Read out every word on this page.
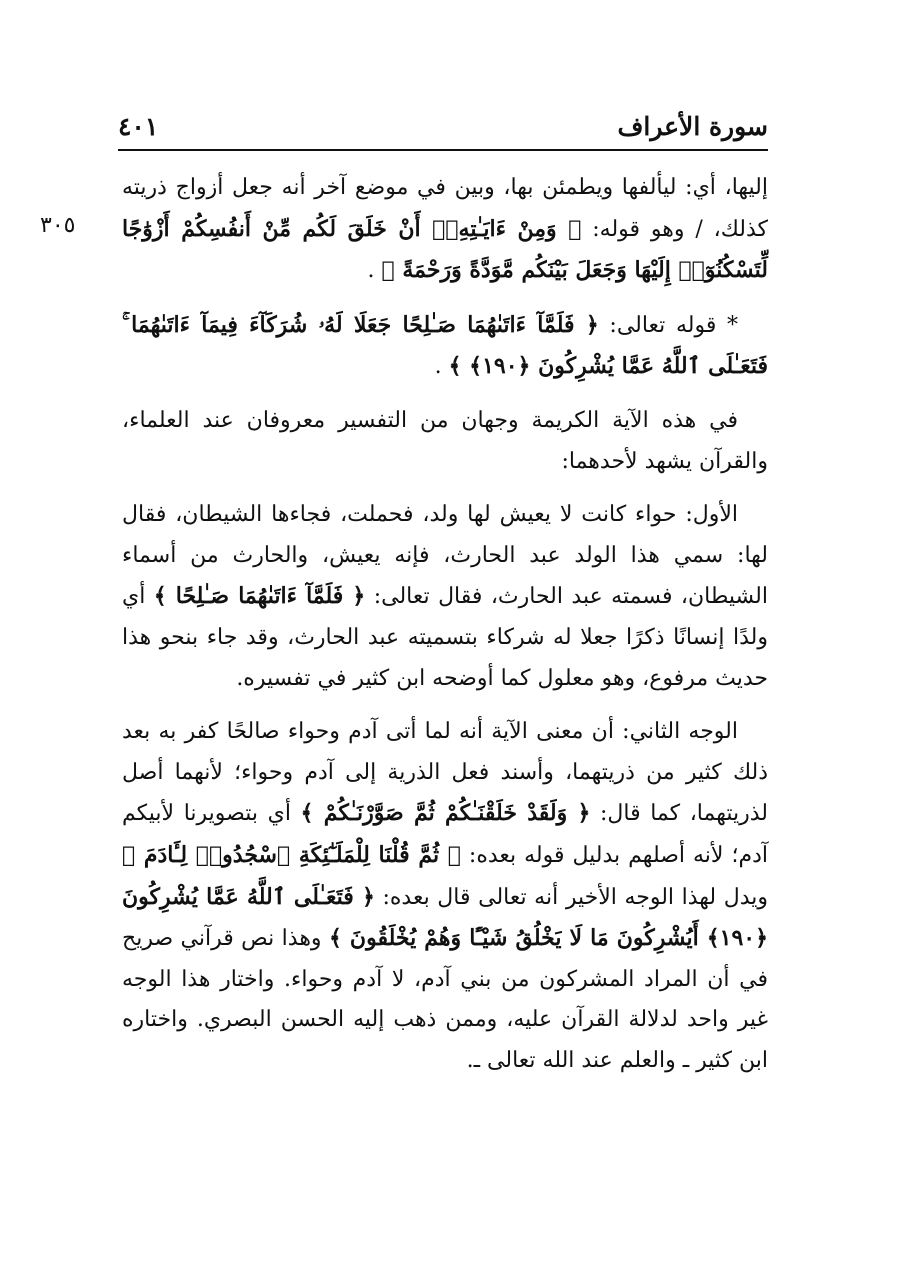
سورة الأعراف
٤٠١
٣٠٥

إليها، أي: ليألفها ويطمئن بها، وبين في موضع آخر أنه جعل أزواج ذريته كذلك، / وهو قوله: ﴿ وَمِنْ ءَايَـٰتِهِۦٓ أَنْ خَلَقَ لَكُم مِّنْ أَنفُسِكُمْ أَزْوَٰجًا لِّتَسْكُنُوٓا۟ إِلَيْهَا وَجَعَلَ بَيْنَكُم مَّوَدَّةً وَرَحْمَةً ﴾ .

* قوله تعالى: ﴿ فَلَمَّآ ءَاتَىٰهُمَا صَـٰلِحًا جَعَلَا لَهُۥ شُرَكَآءَ فِيمَآ ءَاتَىٰهُمَا ۚ فَتَعَـٰلَى ٱللَّهُ عَمَّا يُشْرِكُونَ ﴿١٩٠﴾ ﴾ .

في هذه الآية الكريمة وجهان من التفسير معروفان عند العلماء، والقرآن يشهد لأحدهما:

الأول: حواء كانت لا يعيش لها ولد، فحملت، فجاءها الشيطان، فقال لها: سمي هذا الولد عبد الحارث، فإنه يعيش، والحارث من أسماء الشيطان، فسمته عبد الحارث، فقال تعالى: ﴿ فَلَمَّآ ءَاتَىٰهُمَا صَـٰلِحًا ﴾ أي ولدًا إنسانًا ذكرًا جعلا له شركاء بتسميته عبد الحارث، وقد جاء بنحو هذا حديث مرفوع، وهو معلول كما أوضحه ابن كثير في تفسيره.

الوجه الثاني: أن معنى الآية أنه لما أتى آدم وحواء صالحًا كفر به بعد ذلك كثير من ذريتهما، وأسند فعل الذرية إلى آدم وحواء؛ لأنهما أصل لذريتهما، كما قال: ﴿ وَلَقَدْ خَلَقْنَـٰكُمْ ثُمَّ صَوَّرْنَـٰكُمْ ﴾ أي بتصويرنا لأبيكم آدم؛ لأنه أصلهم بدليل قوله بعده: ﴿ ثُمَّ قُلْنَا لِلْمَلَـٰٓئِكَةِ ٱسْجُدُوا۟ لِـَٔادَمَ ﴾ ويدل لهذا الوجه الأخير أنه تعالى قال بعده: ﴿ فَتَعَـٰلَى ٱللَّهُ عَمَّا يُشْرِكُونَ ﴿١٩٠﴾ أَيُشْرِكُونَ مَا لَا يَخْلُقُ شَيْـًٔا وَهُمْ يُخْلَقُونَ ﴾ وهذا نص قرآني صريح في أن المراد المشركون من بني آدم، لا آدم وحواء. واختار هذا الوجه غير واحد لدلالة القرآن عليه، وممن ذهب إليه الحسن البصري. واختاره ابن كثير ـ والعلم عند الله تعالى ـ.
